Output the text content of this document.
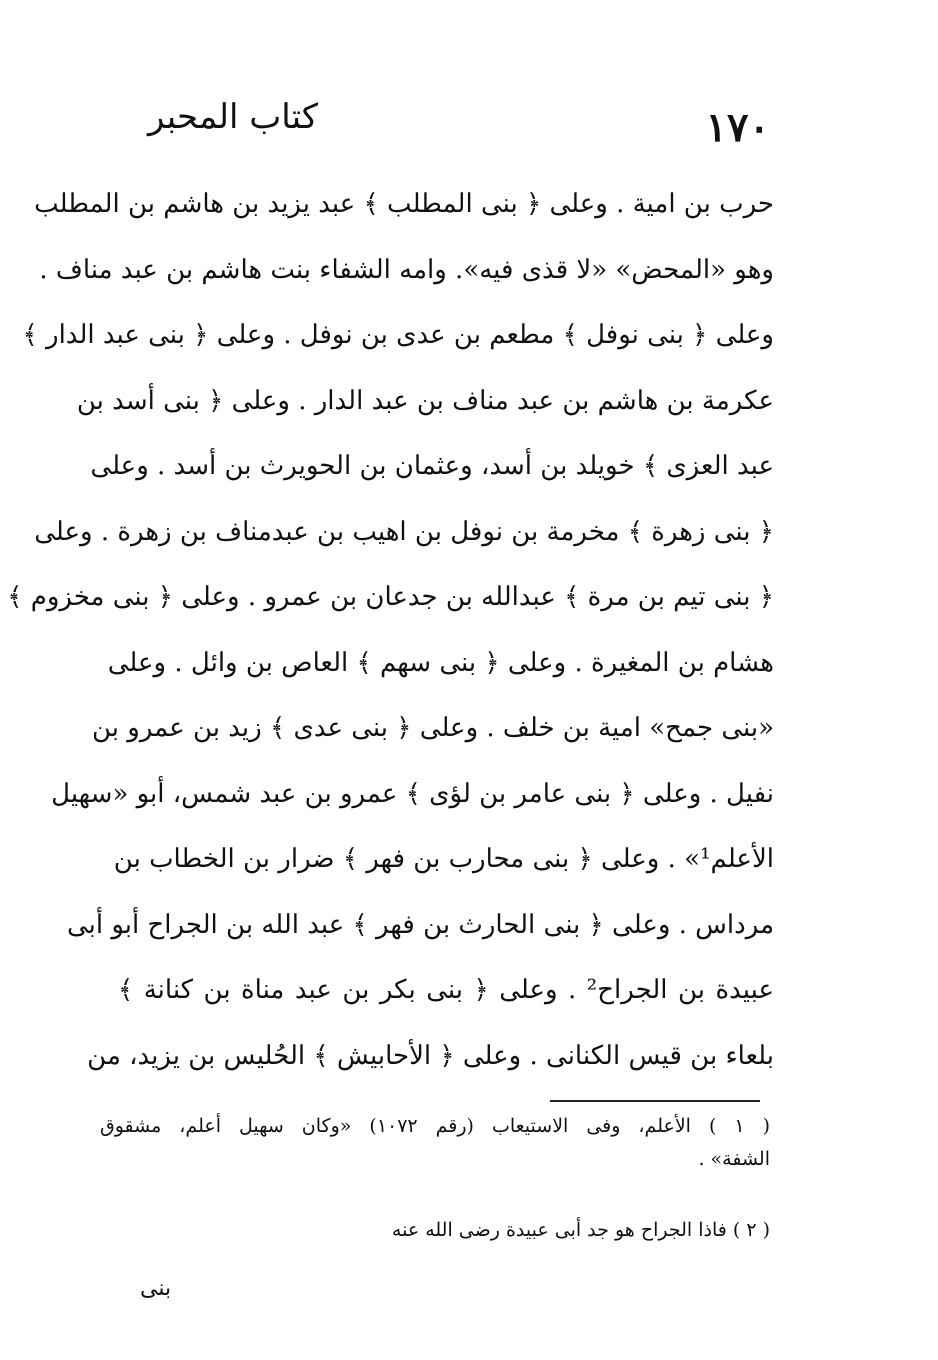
١٧٠
كتاب المحبر
حرب بن امية . وعلى ﴿ بنى المطلب ﴾ عبد يزيد بن هاشم بن المطلب
وهو «المحض» «لا قذى فيه». وامه الشفاء بنت هاشم بن عبد مناف .
وعلى ﴿ بنى نوفل ﴾ مطعم بن عدى بن نوفل . وعلى ﴿ بنى عبد الدار ﴾
عكرمة بن هاشم بن عبد مناف بن عبد الدار . وعلى ﴿ بنى أسد بن
عبد العزى ﴾ خويلد بن أسد، وعثمان بن الحويرث بن أسد . وعلى
﴿ بنى زهرة ﴾ مخرمة بن نوفل بن اهيب بن عبدمناف بن زهرة . وعلى
﴿ بنى تيم بن مرة ﴾ عبدالله بن جدعان بن عمرو . وعلى ﴿ بنى مخزوم ﴾
هشام بن المغيرة . وعلى ﴿ بنى سهم ﴾ العاص بن وائل . وعلى
«بنى جمح» امية بن خلف . وعلى ﴿ بنى عدى ﴾ زيد بن عمرو بن
نفيل . وعلى ﴿ بنى عامر بن لؤى ﴾ عمرو بن عبد شمس، أبو «سهيل
الأعلم¹» . وعلى ﴿ بنى محارب بن فهر ﴾ ضرار بن الخطاب بن
مرداس . وعلى ﴿ بنى الحارث بن فهر ﴾ عبد الله بن الجراح أبو أبى
عبيدة بن الجراح² . وعلى ﴿ بنى بكر بن عبد مناة بن كنانة ﴾
بلعاء بن قيس الكنانى . وعلى ﴿ الأحابيش ﴾ الحُليس بن يزيد، من
( ١ ) الأعلم، وفى الاستيعاب (رقم ١٠٧٢) «وكان سهيل أعلم، مشقوق
الشفة» .
( ٢ ) فاذا الجراح هو جد أبى عبيدة رضى الله عنه
بنى
